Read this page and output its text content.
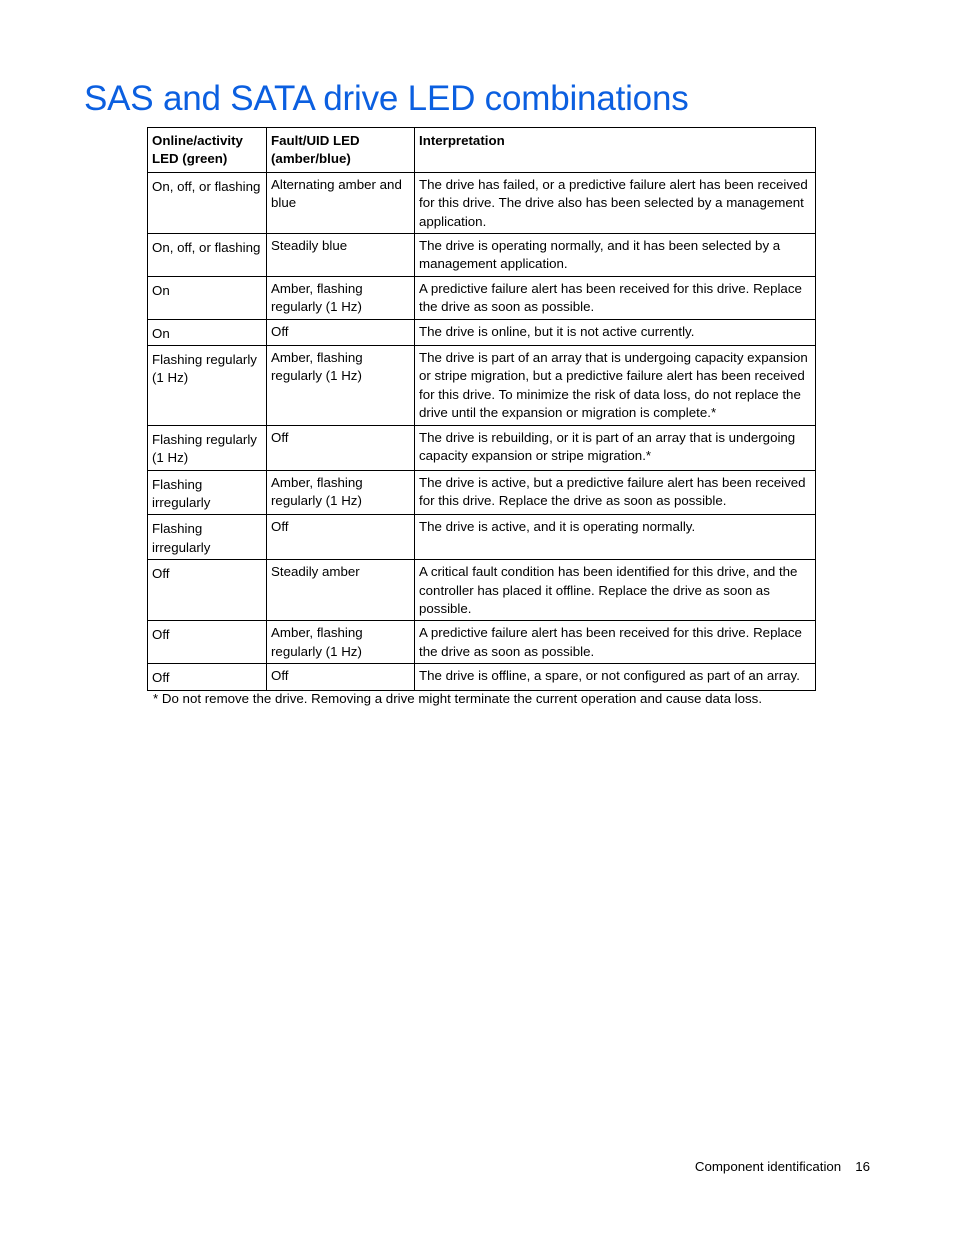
SAS and SATA drive LED combinations
Online/activity LED (green)	Fault/UID LED (amber/blue)	Interpretation
On, off, or flashing	Alternating amber and blue	The drive has failed, or a predictive failure alert has been received for this drive. The drive also has been selected by a management application.
On, off, or flashing	Steadily blue	The drive is operating normally, and it has been selected by a management application.
On	Amber, flashing regularly (1 Hz)	A predictive failure alert has been received for this drive. Replace the drive as soon as possible.
On	Off	The drive is online, but it is not active currently.
Flashing regularly (1 Hz)	Amber, flashing regularly (1 Hz)	The drive is part of an array that is undergoing capacity expansion or stripe migration, but a predictive failure alert has been received for this drive. To minimize the risk of data loss, do not replace the drive until the expansion or migration is complete.*
Flashing regularly (1 Hz)	Off	The drive is rebuilding, or it is part of an array that is undergoing capacity expansion or stripe migration.*
Flashing irregularly	Amber, flashing regularly (1 Hz)	The drive is active, but a predictive failure alert has been received for this drive. Replace the drive as soon as possible.
Flashing irregularly	Off	The drive is active, and it is operating normally.
Off	Steadily amber	A critical fault condition has been identified for this drive, and the controller has placed it offline. Replace the drive as soon as possible.
Off	Amber, flashing regularly (1 Hz)	A predictive failure alert has been received for this drive. Replace the drive as soon as possible.
Off	Off	The drive is offline, a spare, or not configured as part of an array.

* Do not remove the drive. Removing a drive might terminate the current operation and cause data loss.

Component identification 16
